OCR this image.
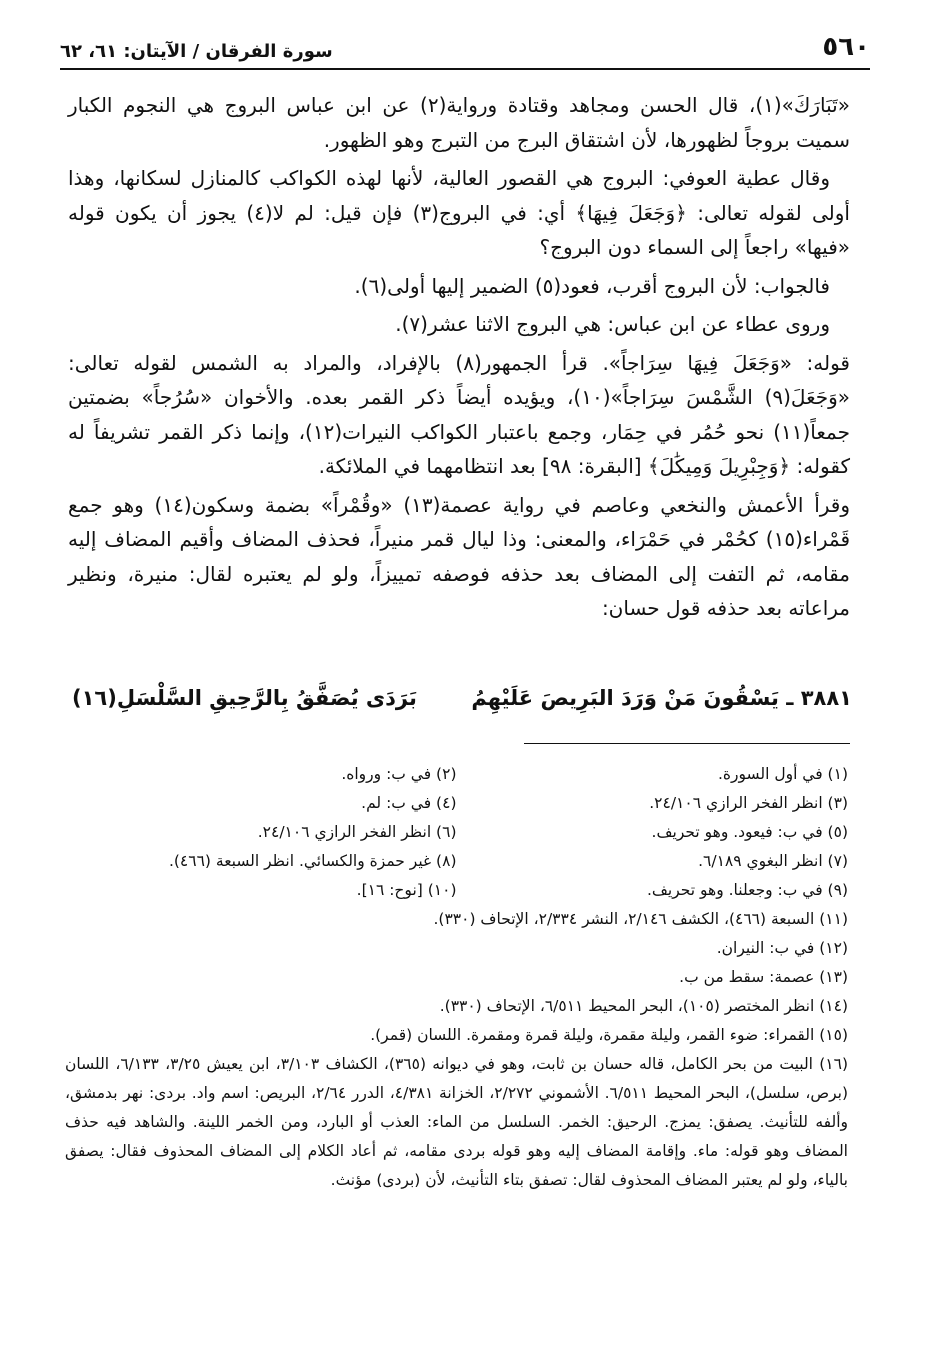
٥٦٠
سورة الفرقان / الآيتان: ٦١، ٦٢

«تَبَارَكَ»(١)، قال الحسن ومجاهد وقتادة ورواية(٢) عن ابن عباس البروج هي النجوم الكبار سميت بروجاً لظهورها، لأن اشتقاق البرج من التبرج وهو الظهور.

وقال عطية العوفي: البروج هي القصور العالية، لأنها لهذه الكواكب كالمنازل لسكانها، وهذا أولى لقوله تعالى: ﴿وَجَعَلَ فِيهَا﴾ أي: في البروج(٣) فإن قيل: لم لا(٤) يجوز أن يكون قوله «فيها» راجعاً إلى السماء دون البروج؟

فالجواب: لأن البروج أقرب، فعود(٥) الضمير إليها أولى(٦).

وروى عطاء عن ابن عباس: هي البروج الاثنا عشر(٧).

قوله: «وَجَعَلَ فِيهَا سِرَاجاً». قرأ الجمهور(٨) بالإفراد، والمراد به الشمس لقوله تعالى: «وَجَعَلَ(٩) الشَّمْسَ سِرَاجاً»(١٠)، ويؤيده أيضاً ذكر القمر بعده. والأخوان «سُرُجاً» بضمتين جمعاً(١١) نحو حُمُر في حِمَار، وجمع باعتبار الكواكب النيرات(١٢)، وإنما ذكر القمر تشريفاً له كقوله: ﴿وَجِبْرِيلَ وَمِيكَٰلَ﴾ [البقرة: ٩٨] بعد انتظامهما في الملائكة.

وقرأ الأعمش والنخعي وعاصم في رواية عصمة(١٣) «وقُمْراً» بضمة وسكون(١٤) وهو جمع قَمْراء(١٥) كحُمْر في حَمْرَاء، والمعنى: وذا ليال قمر منيراً، فحذف المضاف وأقيم المضاف إليه مقامه، ثم التفت إلى المضاف بعد حذفه فوصفه تمييزاً، ولو لم يعتبره لقال: منيرة، ونظير مراعاته بعد حذفه قول حسان:

٣٨٨١ ـ يَسْقُونَ مَنْ وَرَدَ البَرِيصَ عَلَيْهِمُ
بَرَدَى يُصَفَّقُ بِالرَّحِيقِ السَّلْسَلِ(١٦)
(١) في أول السورة.
(٢) في ب: ورواه.
(٣) انظر الفخر الرازي ٢٤/١٠٦.
(٤) في ب: لم.
(٥) في ب: فيعود. وهو تحريف.
(٦) انظر الفخر الرازي ٢٤/١٠٦.
(٧) انظر البغوي ٦/١٨٩.
(٨) غير حمزة والكسائي. انظر السبعة (٤٦٦).
(٩) في ب: وجعلنا. وهو تحريف.
(١٠) [نوح: ١٦].
(١١) السبعة (٤٦٦)، الكشف ٢/١٤٦، النشر ٢/٣٣٤، الإتحاف (٣٣٠).
(١٢) في ب: النيران.
(١٣) عصمة: سقط من ب.
(١٤) انظر المختصر (١٠٥)، البحر المحيط ٦/٥١١، الإتحاف (٣٣٠).
(١٥) القمراء: ضوء القمر، وليلة مقمرة، وليلة قمرة ومقمرة. اللسان (قمر).
(١٦) البيت من بحر الكامل، قاله حسان بن ثابت، وهو في ديوانه (٣٦٥)، الكشاف ٣/١٠٣، ابن يعيش ٣/٢٥، ٦/١٣٣، اللسان (برص، سلسل)، البحر المحيط ٦/٥١١. الأشموني ٢/٢٧٢، الخزانة ٤/٣٨١، الدرر ٢/٦٤، البريص: اسم واد. بردى: نهر بدمشق، وألفه للتأنيث. يصفق: يمزج. الرحيق: الخمر. السلسل من الماء: العذب أو البارد، ومن الخمر اللينة. والشاهد فيه حذف المضاف وهو قوله: ماء. وإقامة المضاف إليه وهو قوله بردى مقامه، ثم أعاد الكلام إلى المضاف المحذوف فقال: يصفق بالياء، ولو لم يعتبر المضاف المحذوف لقال: تصفق بتاء التأنيث، لأن (بردى) مؤنث.
